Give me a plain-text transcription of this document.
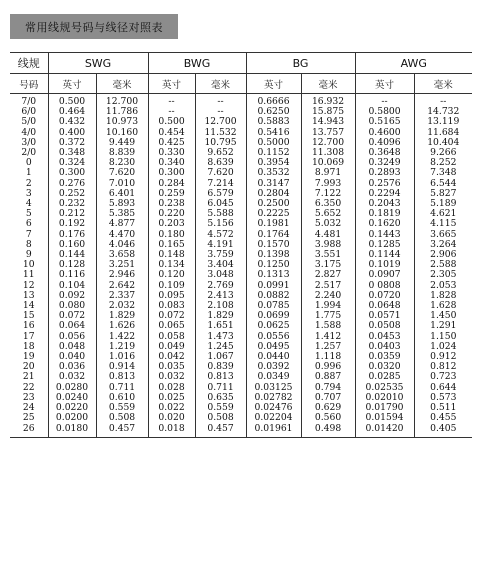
常用线规号码与线径对照表
线规	SWG		BWG		BG		AWG	
号码	英寸	毫米	英寸	毫米	英寸	毫米	英寸	毫米
7/0	0.500	12.700	--	--	0.6666	16.932	--	--
6/0	0.464	11.786	--	--	0.6250	15.875	0.5800	14.732
5/0	0.432	10.973	0.500	12.700	0.5883	14.943	0.5165	13.119
4/0	0.400	10.160	0.454	11.532	0.5416	13.757	0.4600	11.684
3/0	0.372	9.449	0.425	10.795	0.5000	12.700	0.4096	10.404
2/0	0.348	8.839	0.330	9.652	0.1152	11.308	0.3648	9.266
0	0.324	8.230	0.340	8.639	0.3954	10.069	0.3249	8.252
1	0.300	7.620	0.300	7.620	0.3532	8.971	0.2893	7.348
2	0.276	7.010	0.284	7.214	0.3147	7.993	0.2576	6.544
3	0.252	6.401	0.259	6.579	0.2804	7.122	0.2294	5.827
4	0.232	5.893	0.238	6.045	0.2500	6.350	0.2043	5.189
5	0.212	5.385	0.220	5.588	0.2225	5.652	0.1819	4.621
6	0.192	4.877	0.203	5.156	0.1981	5.032	0.1620	4.115
7	0.176	4.470	0.180	4.572	0.1764	4.481	0.1443	3.665
8	0.160	4.046	0.165	4.191	0.1570	3.988	0.1285	3.264
9	0.144	3.658	0.148	3.759	0.1398	3.551	0.1144	2.906
10	0.128	3.251	0.134	3.404	0.1250	3.175	0.1019	2.588
11	0.116	2.946	0.120	3.048	0.1313	2.827	0.0907	2.305
12	0.104	2.642	0.109	2.769	0.0991	2.517	0 0808	2.053
13	0.092	2.337	0.095	2.413	0.0882	2.240	0.0720	1.828
14	0.080	2.032	0.083	2.108	0.0785	1.994	0.0648	1.628
15	0.072	1.829	0.072	1.829	0.0699	1.775	0.0571	1.450
16	0.064	1.626	0.065	1.651	0.0625	1.588	0.0508	1.291
17	0.056	1.422	0.058	1.473	0.0556	1.412	0.0453	1.150
18	0.048	1.219	0.049	1.245	0.0495	1.257	0.0403	1.024
19	0.040	1.016	0.042	1.067	0.0440	1.118	0.0359	0.912
20	0.036	0.914	0.035	0.839	0.0392	0.996	0.0320	0.812
21	0.032	0.813	0.032	0.813	0.0349	0.887	0.0285	0.723
22	0.0280	0.711	0.028	0.711	0.03125	0.794	0.02535	0.644
23	0.0240	0.610	0.025	0.635	0.02782	0.707	0.02010	0.573
24	0.0220	0.559	0.022	0.559	0.02476	0.629	0.01790	0.511
25	0.0200	0.508	0.020	0.508	0.02204	0.560	0.01594	0.455
26	0.0180	0.457	0.018	0.457	0.01961	0.498	0.01420	0.405
